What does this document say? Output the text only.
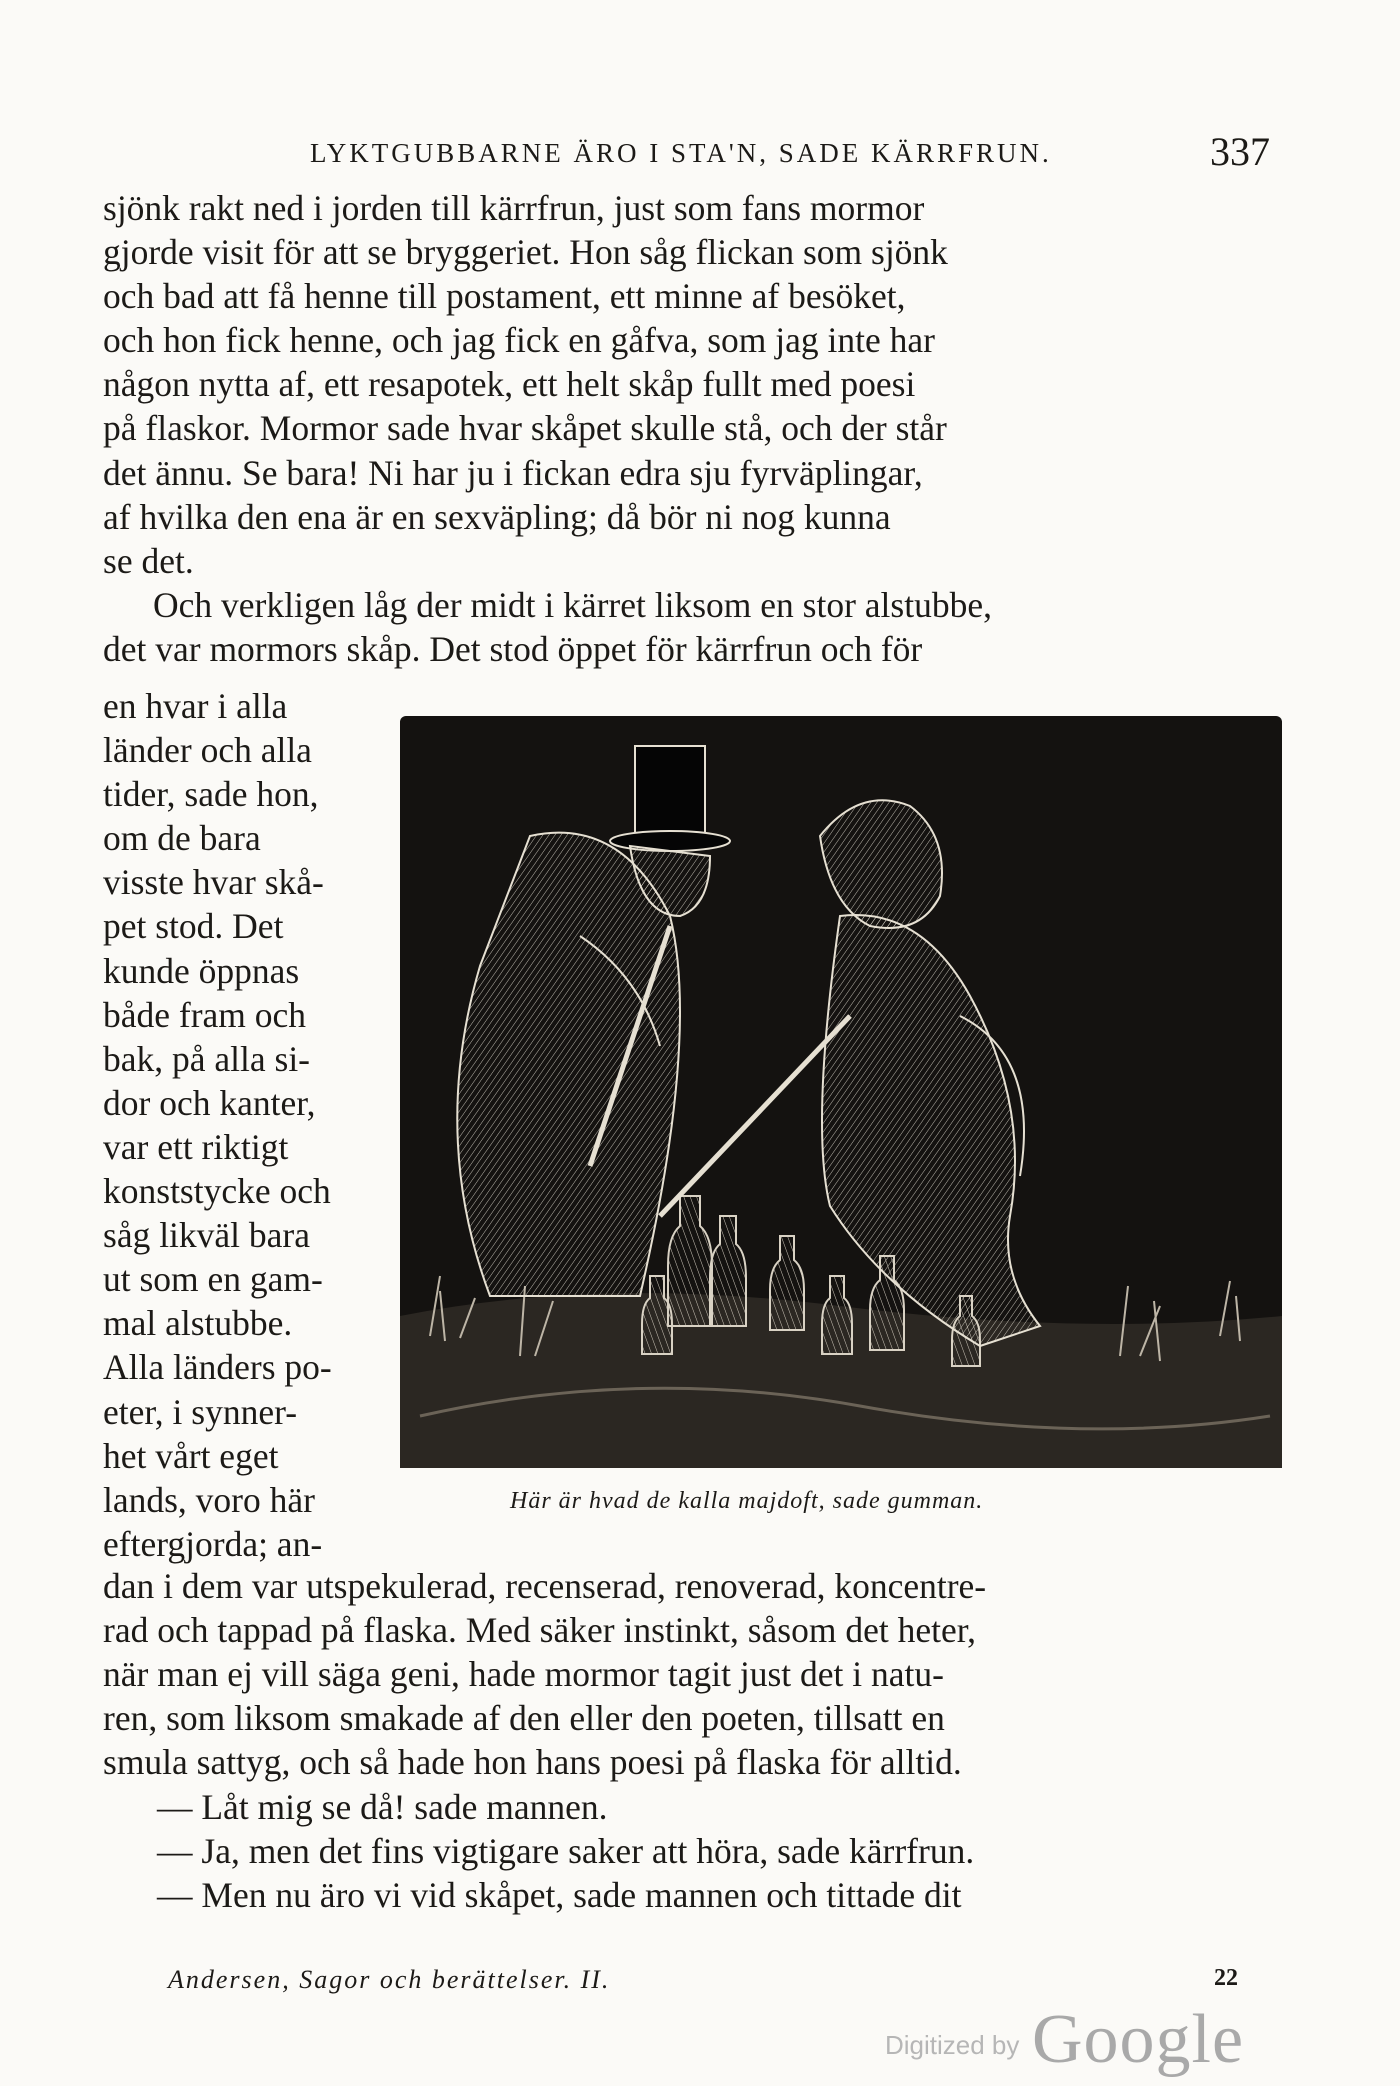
LYKTGUBBARNE ÄRO I STA'N, SADE KÄRRFRUN.	337

sjönk rakt ned i jorden till kärrfrun, just som fans mormor

gjorde visit för att se bryggeriet. Hon såg flickan som sjönk

och bad att få henne till postament, ett minne af besöket,

och hon fick henne, och jag fick en gåfva, som jag inte har

någon nytta af, ett resapotek, ett helt skåp fullt med poesi

på flaskor. Mormor sade hvar skåpet skulle stå, och der står

det ännu. Se bara! Ni har ju i fickan edra sju fyrväplingar,

af hvilka den ena är en sexväpling; då bör ni nog kunna

se det.

Och verkligen låg der midt i kärret liksom en stor alstubbe,

det var mormors skåp. Det stod öppet för kärrfrun och för

en hvar i alla

länder och alla

tider, sade hon,

om de bara

visste hvar skå-

pet stod. Det

kunde öppnas

både fram och

bak, på alla si-

dor och kanter,

var ett riktigt

konststycke och

såg likväl bara

ut som en gam-

mal alstubbe.

Alla länders po-

eter, i synner-

het vårt eget

lands, voro här

eftergjorda; an-

Här är hvad de kalla majdoft, sade gumman.

dan i dem var utspekulerad, recenserad, renoverad, koncentre-

rad och tappad på flaska. Med säker instinkt, såsom det heter,

när man ej vill säga geni, hade mormor tagit just det i natu-

ren, som liksom smakade af den eller den poeten, tillsatt en

smula sattyg, och så hade hon hans poesi på flaska för alltid.

— Låt mig se då! sade mannen.

— Ja, men det fins vigtigare saker att höra, sade kärrfrun.

— Men nu äro vi vid skåpet, sade mannen och tittade dit

Andersen, Sagor och berättelser. II.	22
Digitized by Google
